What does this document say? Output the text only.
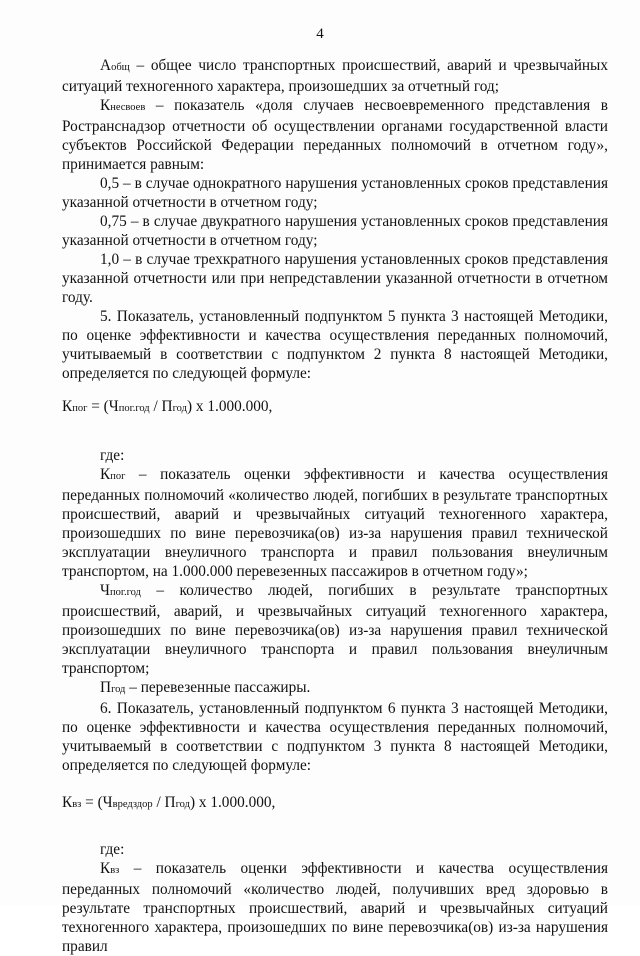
4

Аобщ – общее число транспортных происшествий, аварий и чрезвычайных ситуаций техногенного характера, произошедших за отчетный год;

Кнесвоев – показатель «доля случаев несвоевременного представления в Ространснадзор отчетности об осуществлении органами государственной власти субъектов Российской Федерации переданных полномочий в отчетном году», принимается равным:

0,5 – в случае однократного нарушения установленных сроков представления указанной отчетности в отчетном году;

0,75 – в случае двукратного нарушения установленных сроков представления указанной отчетности в отчетном году;

1,0 – в случае трехкратного нарушения установленных сроков представления указанной отчетности или при непредставлении указанной отчетности в отчетном году.

5. Показатель, установленный подпунктом 5 пункта 3 настоящей Методики, по оценке эффективности и качества осуществления переданных полномочий, учитываемый в соответствии с подпунктом 2 пункта 8 настоящей Методики, определяется по следующей формуле:

Кпог = (Чпог.год / Пгод) x 1.000.000,

где:

Кпог – показатель оценки эффективности и качества осуществления переданных полномочий «количество людей, погибших в результате транспортных происшествий, аварий и чрезвычайных ситуаций техногенного характера, произошедших по вине перевозчика(ов) из-за нарушения правил технической эксплуатации внеуличного транспорта и правил пользования внеуличным транспортом, на 1.000.000 перевезенных пассажиров в отчетном году»;

Чпог.год – количество людей, погибших в результате транспортных происшествий, аварий, и чрезвычайных ситуаций техногенного характера, произошедших по вине перевозчика(ов) из-за нарушения правил технической эксплуатации внеуличного транспорта и правил пользования внеуличным транспортом;

Пгод – перевезенные пассажиры.

6. Показатель, установленный подпунктом 6 пункта 3 настоящей Методики, по оценке эффективности и качества осуществления переданных полномочий, учитываемый в соответствии с подпунктом 3 пункта 8 настоящей Методики, определяется по следующей формуле:

Квз = (Чвредздор / Пгод) x 1.000.000,

где:

Квз – показатель оценки эффективности и качества осуществления переданных полномочий «количество людей, получивших вред здоровью в результате транспортных происшествий, аварий и чрезвычайных ситуаций техногенного характера, произошедших по вине перевозчика(ов) из-за нарушения правил
